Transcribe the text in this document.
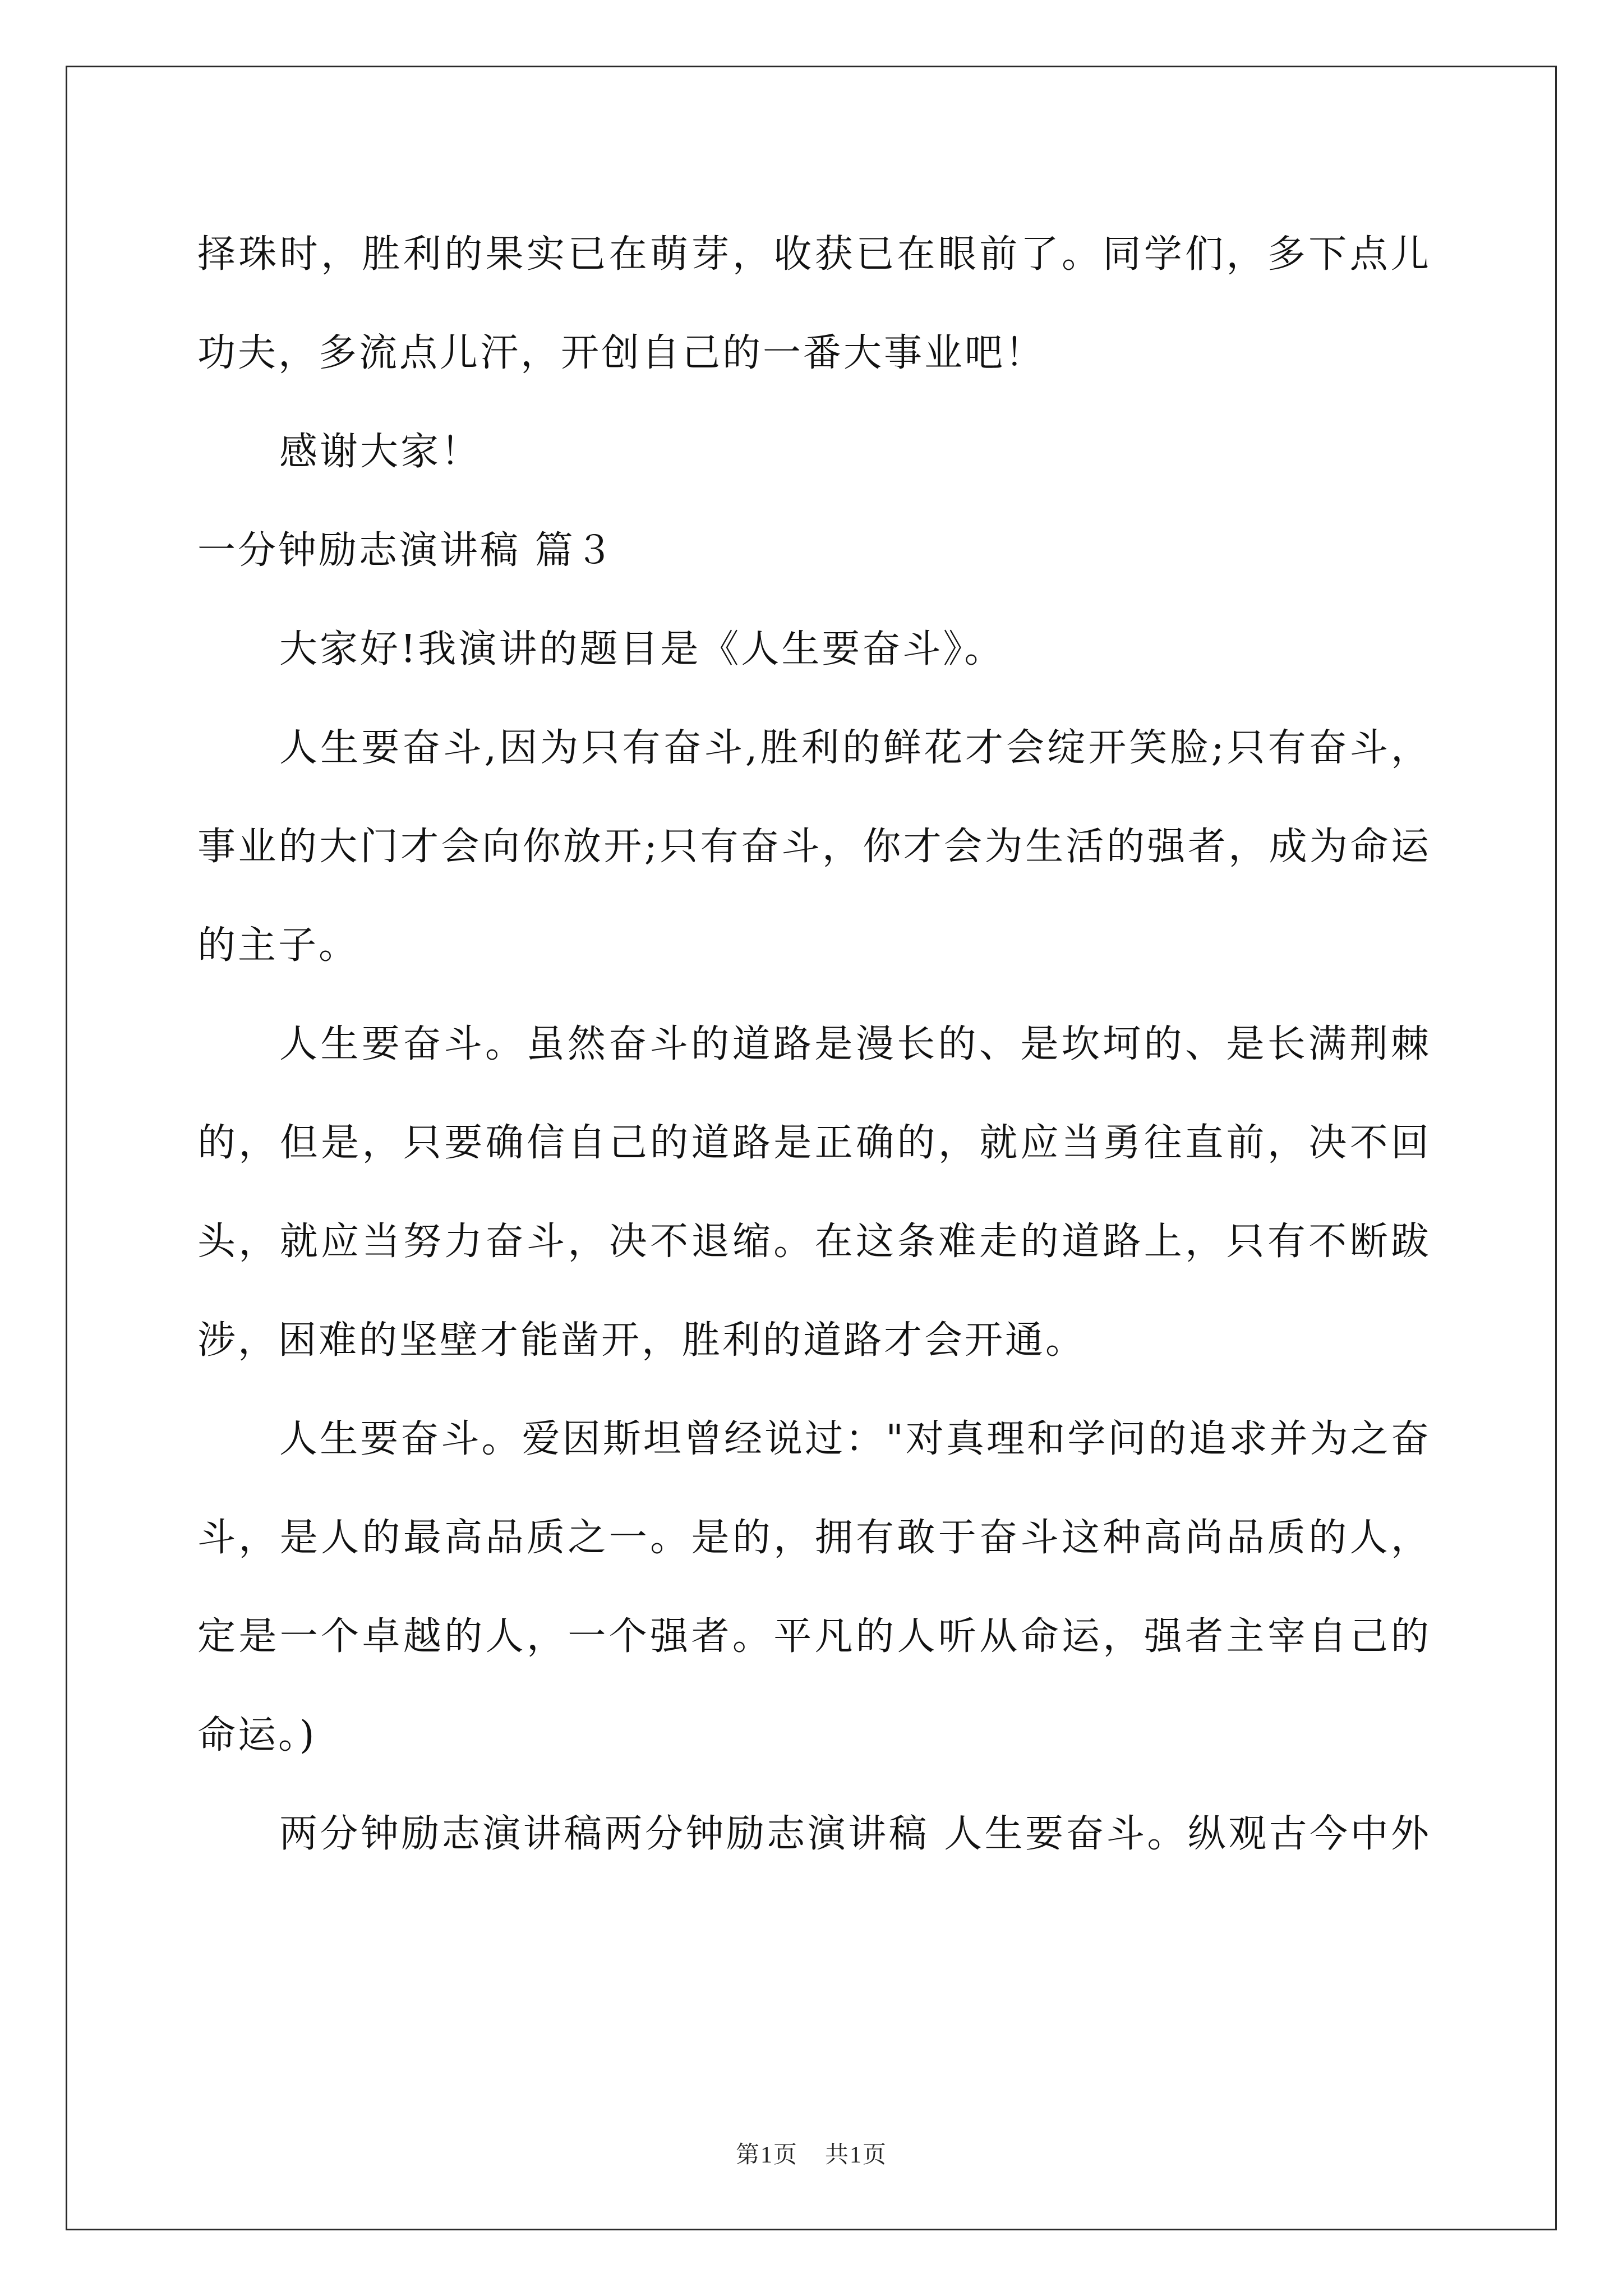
择珠时，胜利的果实已在萌芽，收获已在眼前了。同学们，多下点儿
功夫，多流点儿汗，开创自己的一番大事业吧！
感谢大家！
一分钟励志演讲稿 篇３
大家好!我演讲的题目是《人生要奋斗》。
人生要奋斗,因为只有奋斗,胜利的鲜花才会绽开笑脸;只有奋斗，
事业的大门才会向你放开;只有奋斗，你才会为生活的强者，成为命运
的主子。
人生要奋斗。虽然奋斗的道路是漫长的、是坎坷的、是长满荆棘
的，但是，只要确信自己的道路是正确的，就应当勇往直前，决不回
头，就应当努力奋斗，决不退缩。在这条难走的道路上，只有不断跋
涉，困难的坚壁才能凿开，胜利的道路才会开通。
人生要奋斗。爱因斯坦曾经说过："对真理和学问的追求并为之奋
斗，是人的最高品质之一。是的，拥有敢于奋斗这种高尚品质的人，
定是一个卓越的人，一个强者。平凡的人听从命运，强者主宰自己的
命运。)
两分钟励志演讲稿两分钟励志演讲稿 人生要奋斗。纵观古今中外
第1页 共1页
